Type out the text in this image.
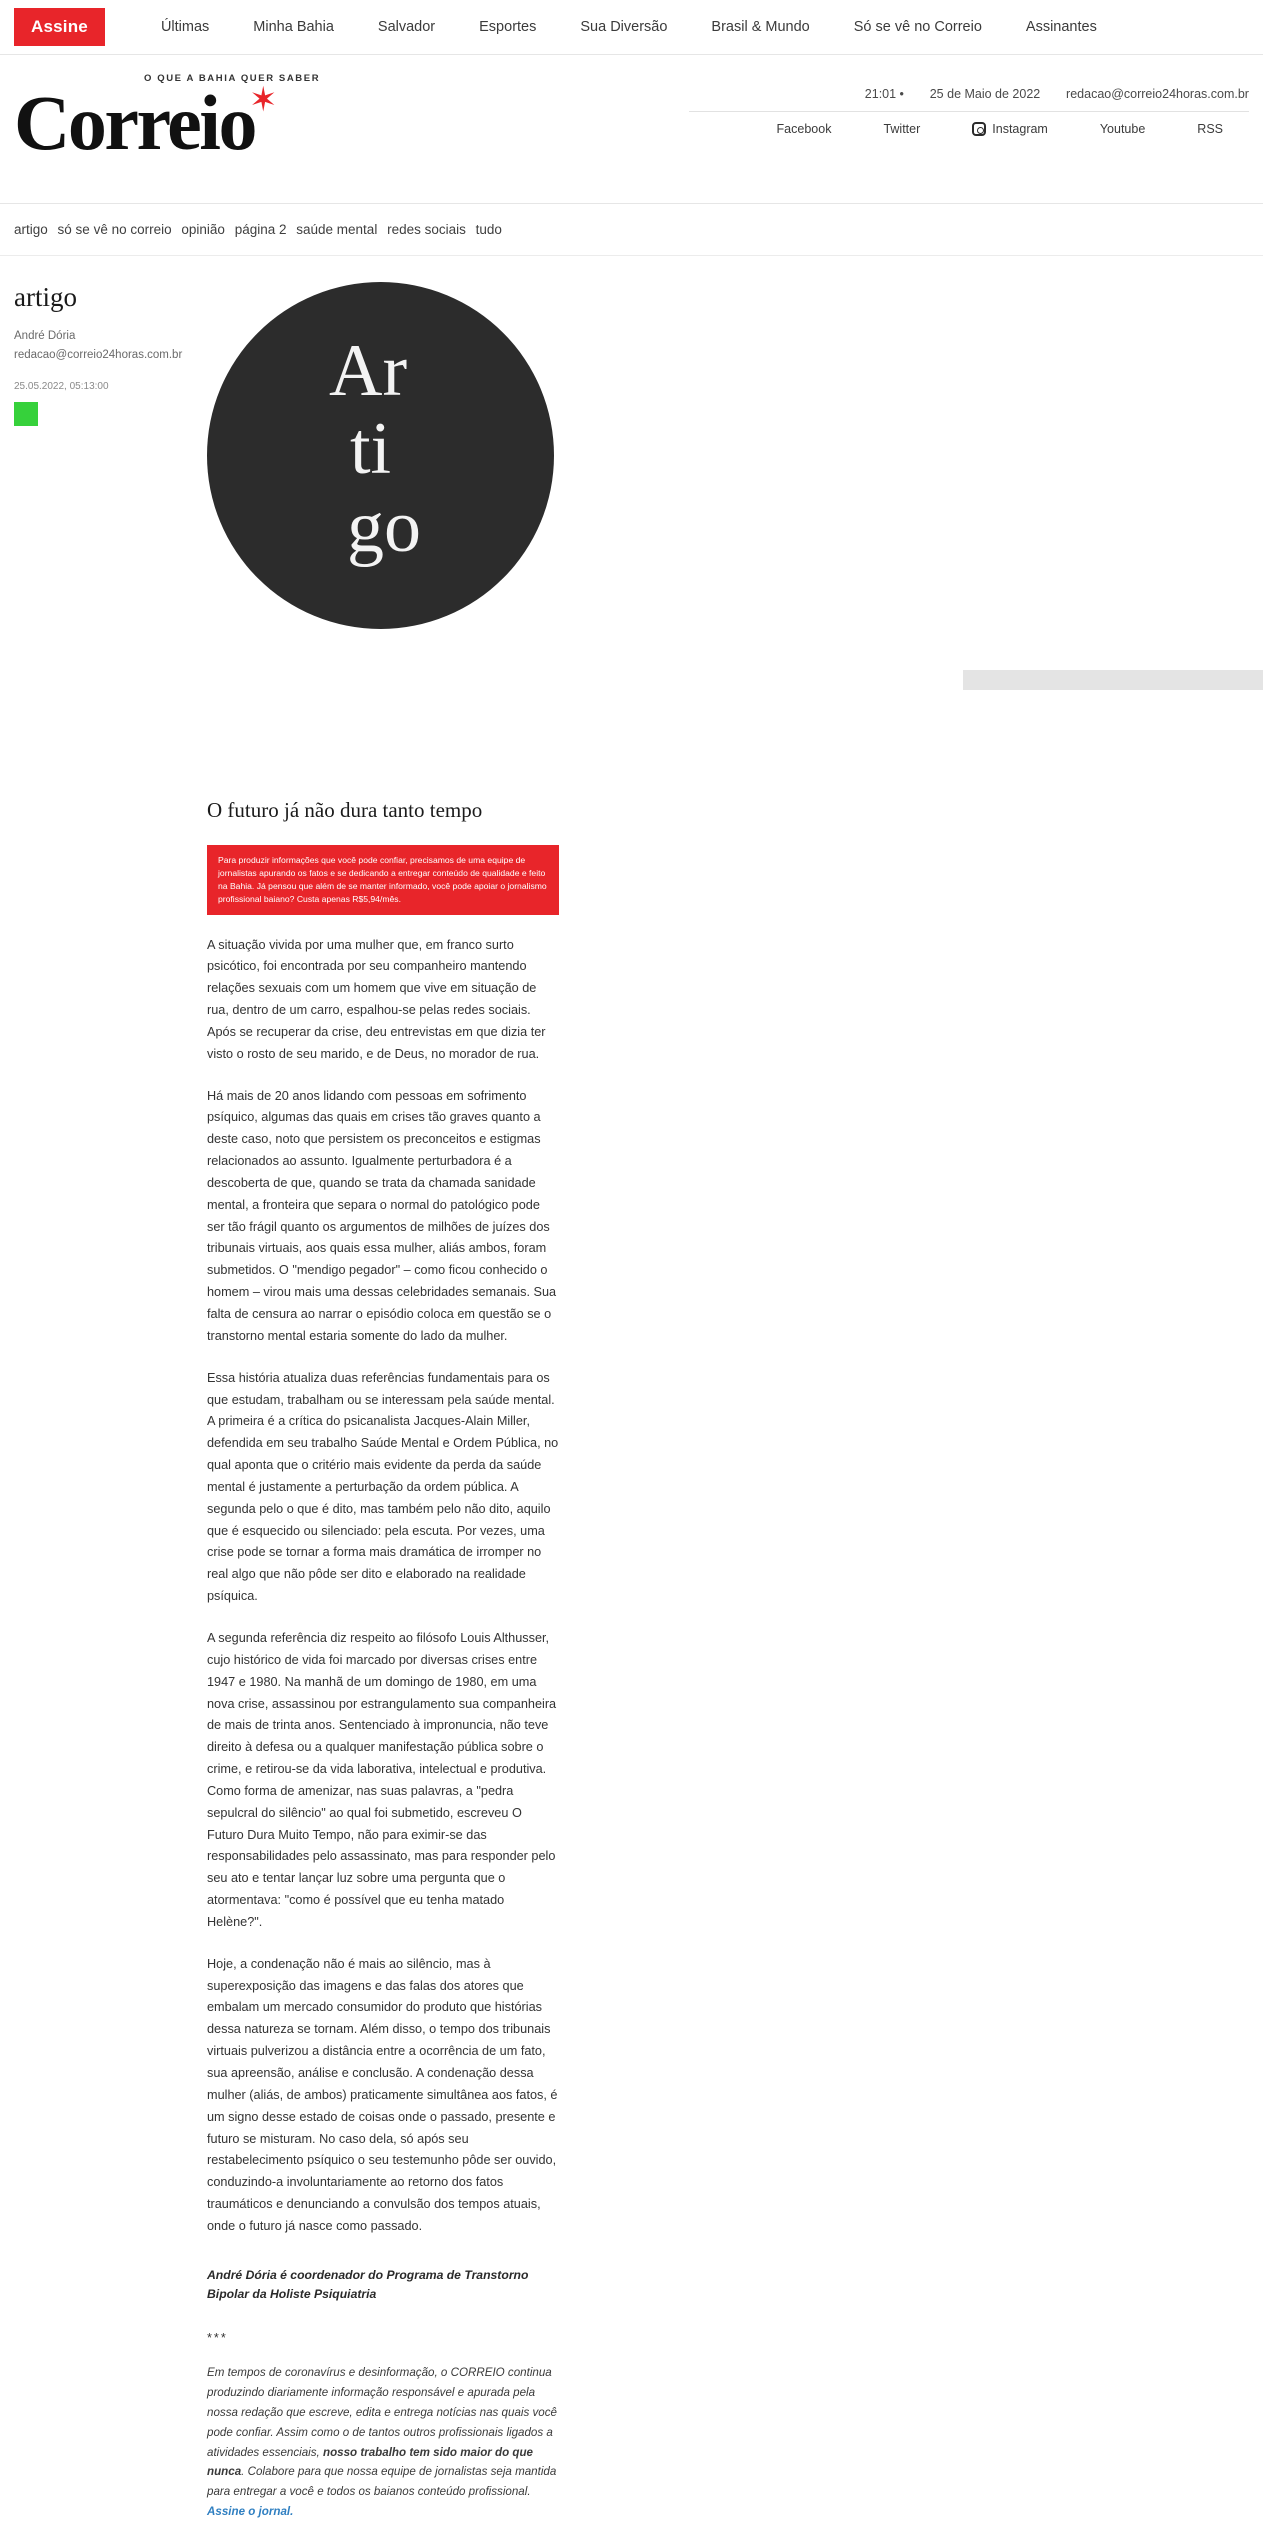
Assine	Últimas	Minha Bahia	Salvador	Esportes	Sua Diversão	Brasil & Mundo	Só se vê no Correio	Assinantes
O QUE A BAHIA QUER SABER
Correio✶	21:01 • 25 de Maio de 2022 redacao@correio24horas.com.br
Facebook	Twitter	Instagram	Youtube	RSS
artigo só se vê no correio opinião página 2 saúde mental redes sociais tudo
artigo
André Dória
redacao@correio24horas.com.br
25.05.2022, 05:13:00	Ar
ti
go
O futuro já não dura tanto tempo
Para produzir informações que você pode confiar, precisamos de uma equipe de jornalistas apurando os fatos e se dedicando a entregar conteúdo de qualidade e feito na Bahia. Já pensou que além de se manter informado, você pode apoiar o jornalismo profissional baiano? Custa apenas R$5,94/mês.

A situação vivida por uma mulher que, em franco surto psicótico, foi encontrada por seu companheiro mantendo relações sexuais com um homem que vive em situação de rua, dentro de um carro, espalhou-se pelas redes sociais. Após se recuperar da crise, deu entrevistas em que dizia ter visto o rosto de seu marido, e de Deus, no morador de rua.

Há mais de 20 anos lidando com pessoas em sofrimento psíquico, algumas das quais em crises tão graves quanto a deste caso, noto que persistem os preconceitos e estigmas relacionados ao assunto. Igualmente perturbadora é a descoberta de que, quando se trata da chamada sanidade mental, a fronteira que separa o normal do patológico pode ser tão frágil quanto os argumentos de milhões de juízes dos tribunais virtuais, aos quais essa mulher, aliás ambos, foram submetidos. O "mendigo pegador" – como ficou conhecido o homem – virou mais uma dessas celebridades semanais. Sua falta de censura ao narrar o episódio coloca em questão se o transtorno mental estaria somente do lado da mulher.

Essa história atualiza duas referências fundamentais para os que estudam, trabalham ou se interessam pela saúde mental. A primeira é a crítica do psicanalista Jacques-Alain Miller, defendida em seu trabalho Saúde Mental e Ordem Pública, no qual aponta que o critério mais evidente da perda da saúde mental é justamente a perturbação da ordem pública. A segunda pelo o que é dito, mas também pelo não dito, aquilo que é esquecido ou silenciado: pela escuta. Por vezes, uma crise pode se tornar a forma mais dramática de irromper no real algo que não pôde ser dito e elaborado na realidade psíquica.

A segunda referência diz respeito ao filósofo Louis Althusser, cujo histórico de vida foi marcado por diversas crises entre 1947 e 1980. Na manhã de um domingo de 1980, em uma nova crise, assassinou por estrangulamento sua companheira de mais de trinta anos. Sentenciado à impronuncia, não teve direito à defesa ou a qualquer manifestação pública sobre o crime, e retirou-se da vida laborativa, intelectual e produtiva. Como forma de amenizar, nas suas palavras, a "pedra sepulcral do silêncio" ao qual foi submetido, escreveu O Futuro Dura Muito Tempo, não para eximir-se das responsabilidades pelo assassinato, mas para responder pelo seu ato e tentar lançar luz sobre uma pergunta que o atormentava: "como é possível que eu tenha matado Helène?".

Hoje, a condenação não é mais ao silêncio, mas à superexposição das imagens e das falas dos atores que embalam um mercado consumidor do produto que histórias dessa natureza se tornam. Além disso, o tempo dos tribunais virtuais pulverizou a distância entre a ocorrência de um fato, sua apreensão, análise e conclusão. A condenação dessa mulher (aliás, de ambos) praticamente simultânea aos fatos, é um signo desse estado de coisas onde o passado, presente e futuro se misturam. No caso dela, só após seu restabelecimento psíquico o seu testemunho pôde ser ouvido, conduzindo-a involuntariamente ao retorno dos fatos traumáticos e denunciando a convulsão dos tempos atuais, onde o futuro já nasce como passado.

André Dória é coordenador do Programa de Transtorno Bipolar da Holiste Psiquiatria
***
Em tempos de coronavírus e desinformação, o CORREIO continua produzindo diariamente informação responsável e apurada pela nossa redação que escreve, edita e entrega notícias nas quais você pode confiar. Assim como o de tantos outros profissionais ligados a atividades essenciais, nosso trabalho tem sido maior do que nunca. Colabore para que nossa equipe de jornalistas seja mantida para entregar a você e todos os baianos conteúdo profissional. Assine o jornal.
